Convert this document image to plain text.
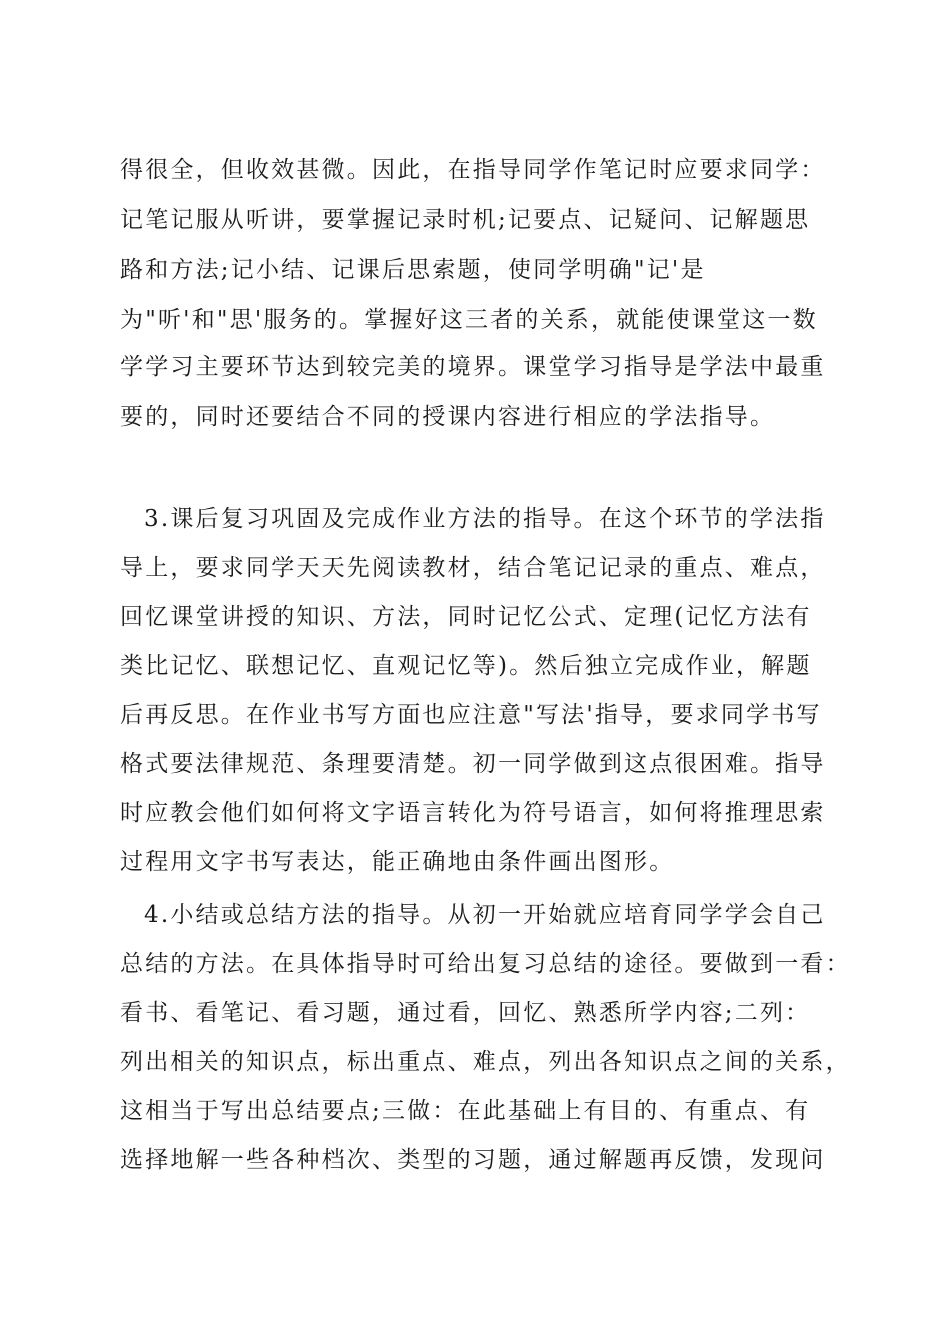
得很全，但收效甚微。因此，在指导同学作笔记时应要求同学：
记笔记服从听讲，要掌握记录时机;记要点、记疑问、记解题思
路和方法;记小结、记课后思索题，使同学明确"记'是
为"听'和"思'服务的。掌握好这三者的关系，就能使课堂这一数
学学习主要环节达到较完美的境界。课堂学习指导是学法中最重
要的，同时还要结合不同的授课内容进行相应的学法指导。
3.课后复习巩固及完成作业方法的指导。在这个环节的学法指
导上，要求同学天天先阅读教材，结合笔记记录的重点、难点，
回忆课堂讲授的知识、方法，同时记忆公式、定理(记忆方法有
类比记忆、联想记忆、直观记忆等)。然后独立完成作业，解题
后再反思。在作业书写方面也应注意"写法'指导，要求同学书写
格式要法律规范、条理要清楚。初一同学做到这点很困难。指导
时应教会他们如何将文字语言转化为符号语言，如何将推理思索
过程用文字书写表达，能正确地由条件画出图形。
4.小结或总结方法的指导。从初一开始就应培育同学学会自己
总结的方法。在具体指导时可给出复习总结的途径。要做到一看：
看书、看笔记、看习题，通过看，回忆、熟悉所学内容;二列：
列出相关的知识点，标出重点、难点，列出各知识点之间的关系，
这相当于写出总结要点;三做：在此基础上有目的、有重点、有
选择地解一些各种档次、类型的习题，通过解题再反馈，发现问
